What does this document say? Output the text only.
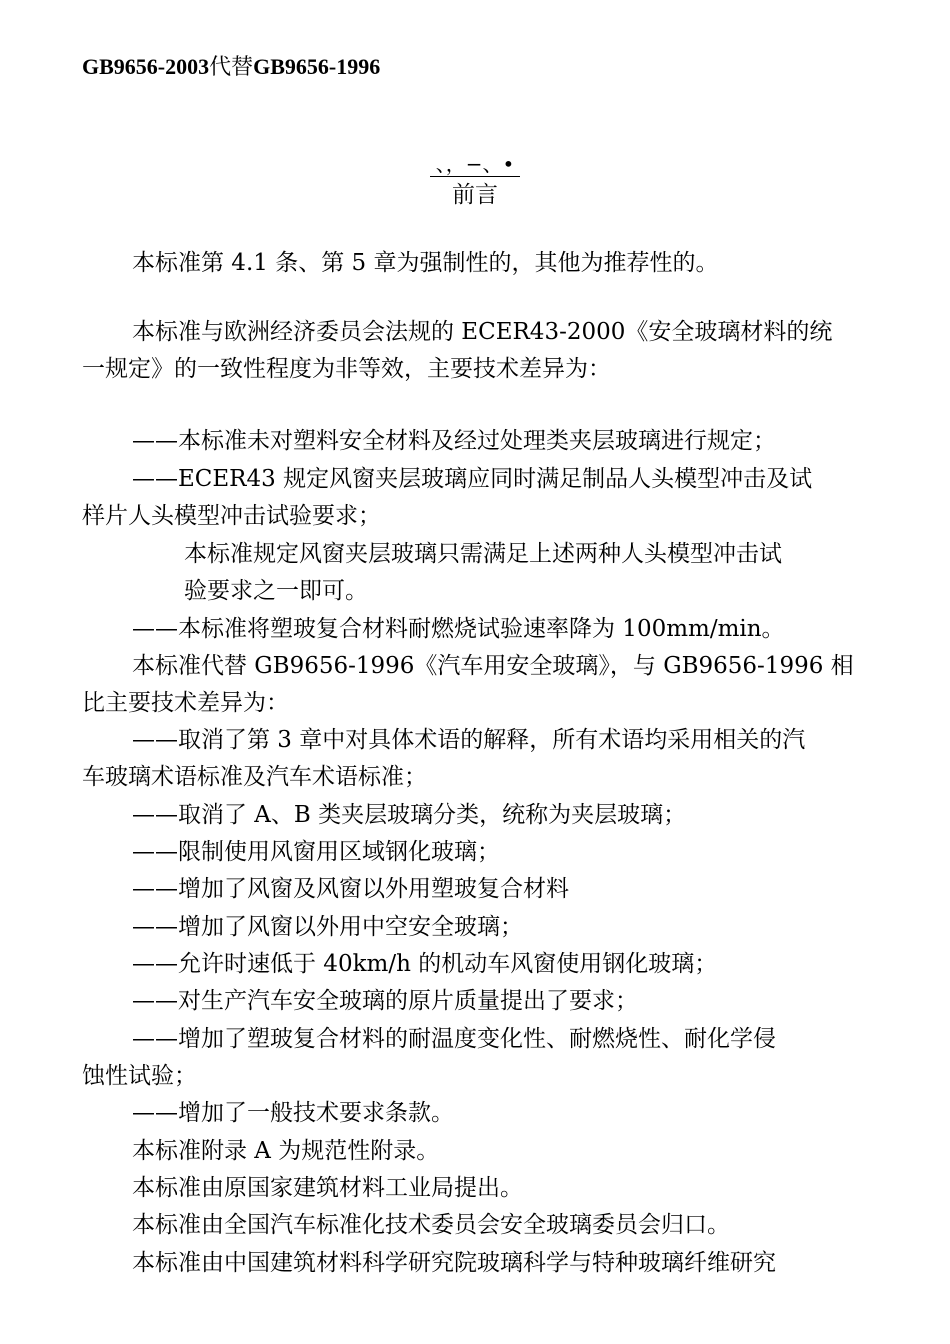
GB9656-2003代替GB9656-1996
、，−、•
前言
本标准第 4.1 条、第 5 章为强制性的，其他为推荐性的。
本标准与欧洲经济委员会法规的 ECER43-2000《安全玻璃材料的统
一规定》的一致性程度为非等效，主要技术差异为：
——本标准未对塑料安全材料及经过处理类夹层玻璃进行规定；
——ECER43 规定风窗夹层玻璃应同时满足制品人头模型冲击及试
样片人头模型冲击试验要求；
本标准规定风窗夹层玻璃只需满足上述两种人头模型冲击试
验要求之一即可。
——本标准将塑玻复合材料耐燃烧试验速率降为 100mm/min。
本标准代替 GB9656-1996《汽车用安全玻璃》，与 GB9656-1996 相
比主要技术差异为：
——取消了第 3 章中对具体术语的解释，所有术语均采用相关的汽
车玻璃术语标准及汽车术语标准；
——取消了 A、B 类夹层玻璃分类，统称为夹层玻璃；
——限制使用风窗用区域钢化玻璃；
——增加了风窗及风窗以外用塑玻复合材料
——增加了风窗以外用中空安全玻璃；
——允许时速低于 40km/h 的机动车风窗使用钢化玻璃；
——对生产汽车安全玻璃的原片质量提出了要求；
——增加了塑玻复合材料的耐温度变化性、耐燃烧性、耐化学侵
蚀性试验；
——增加了一般技术要求条款。
本标准附录 A 为规范性附录。
本标准由原国家建筑材料工业局提出。
本标准由全国汽车标准化技术委员会安全玻璃委员会归口。
本标准由中国建筑材料科学研究院玻璃科学与特种玻璃纤维研究
